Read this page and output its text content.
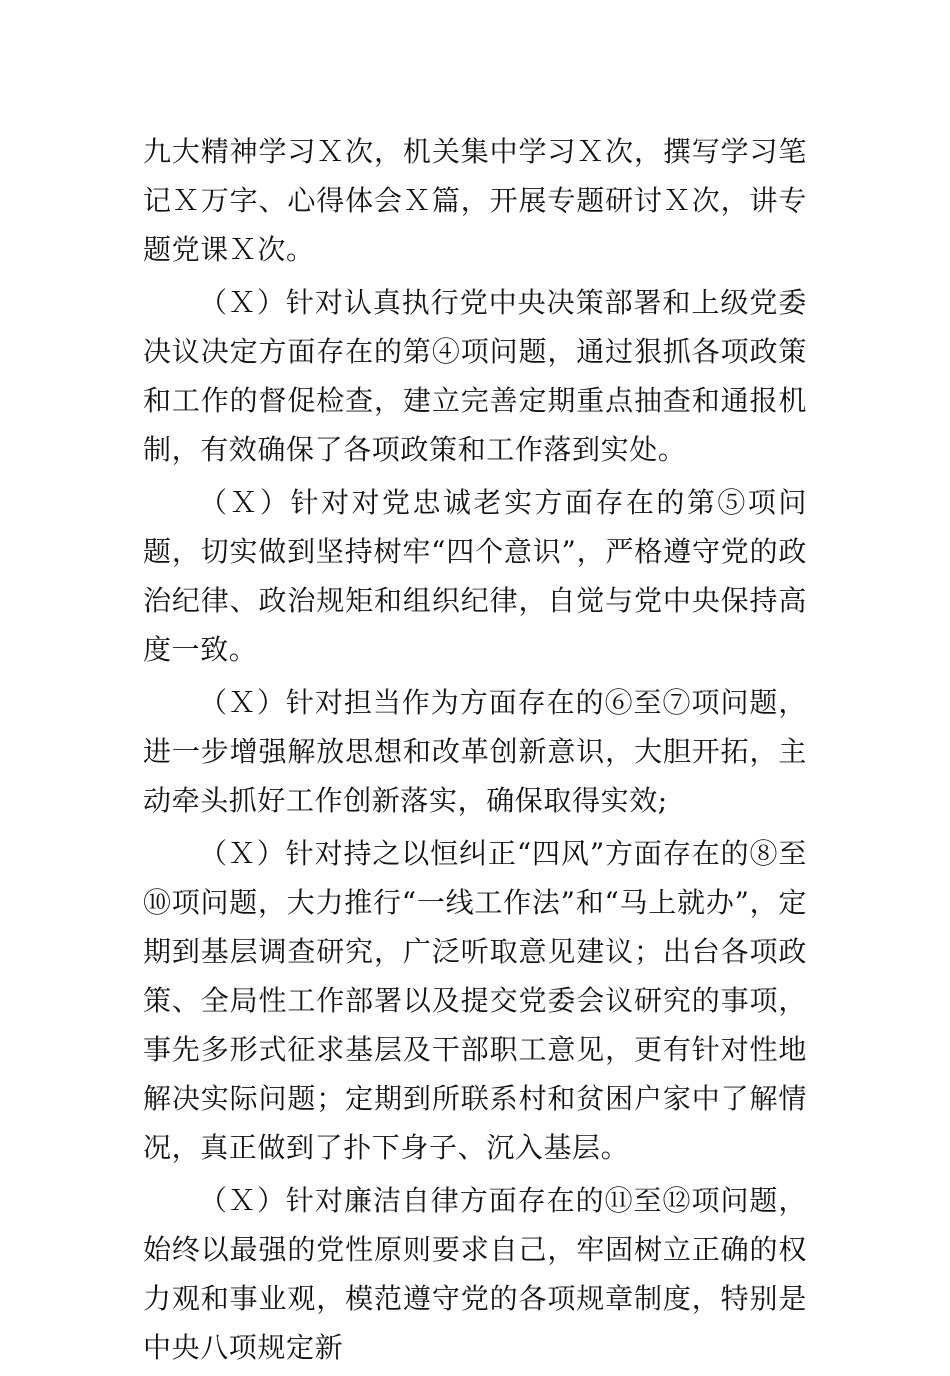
九大精神学习Ｘ次，机关集中学习Ｘ次，撰写学习笔记Ｘ万字、心得体会Ｘ篇，开展专题研讨Ｘ次，讲专题党课Ｘ次。

（Ｘ）针对认真执行党中央决策部署和上级党委决议决定方面存在的第④项问题，通过狠抓各项政策和工作的督促检查，建立完善定期重点抽查和通报机制，有效确保了各项政策和工作落到实处。

（Ｘ）针对对党忠诚老实方面存在的第⑤项问题，切实做到坚持树牢“四个意识”，严格遵守党的政治纪律、政治规矩和组织纪律，自觉与党中央保持高度一致。

（Ｘ）针对担当作为方面存在的⑥至⑦项问题，进一步增强解放思想和改革创新意识，大胆开拓，主动牵头抓好工作创新落实，确保取得实效;

（Ｘ）针对持之以恒纠正“四风”方面存在的⑧至⑩项问题，大力推行“一线工作法”和“马上就办”，定期到基层调查研究，广泛听取意见建议；出台各项政策、全局性工作部署以及提交党委会议研究的事项，事先多形式征求基层及干部职工意见，更有针对性地解决实际问题；定期到所联系村和贫困户家中了解情况，真正做到了扑下身子、沉入基层。

（Ｘ）针对廉洁自律方面存在的⑪至⑫项问题，始终以最强的党性原则要求自己，牢固树立正确的权力观和事业观，模范遵守党的各项规章制度，特别是中央八项规定新
